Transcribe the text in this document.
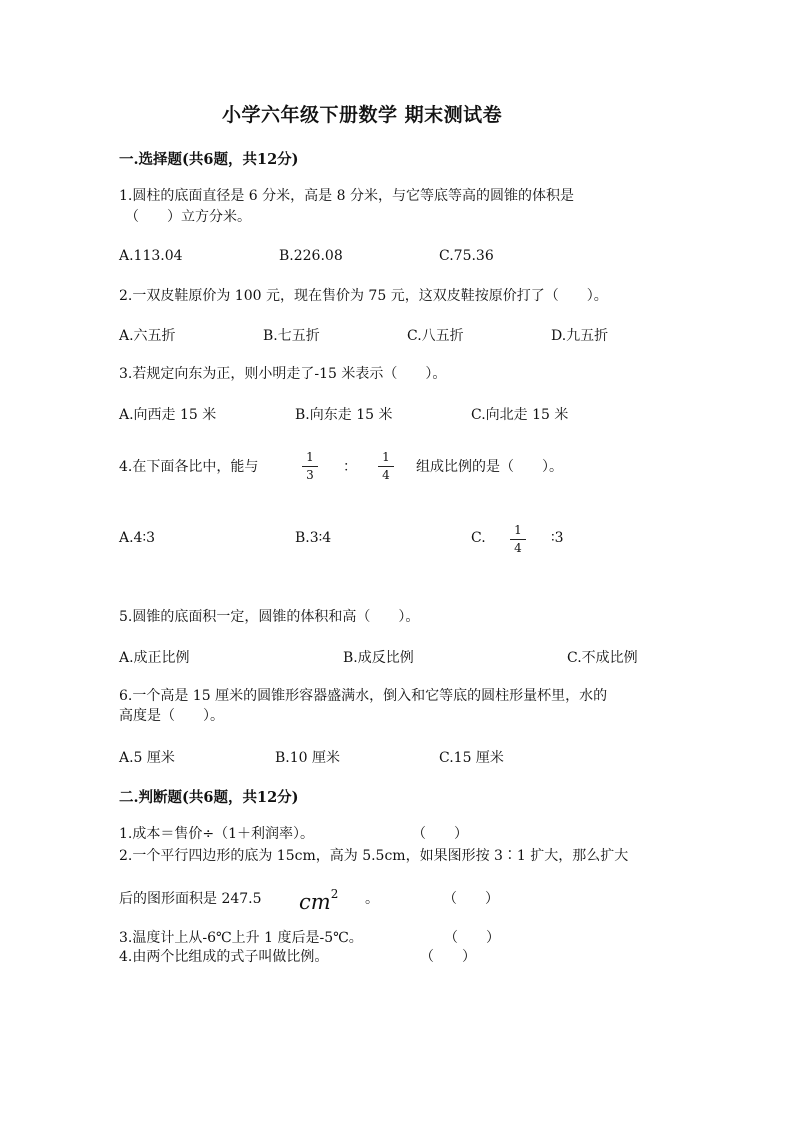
小学六年级下册数学 期末测试卷
一.选择题(共6题，共12分)
1.圆柱的底面直径是 6 分米，高是 8 分米，与它等底等高的圆锥的体积是
（　　）立方分米。
A.113.04	B.226.08	C.75.36
2.一双皮鞋原价为 100 元，现在售价为 75 元，这双皮鞋按原价打了（　　）。
A.六五折	B.七五折	C.八五折	D.九五折
3.若规定向东为正，则小明走了-15 米表示（　　）。
A.向西走 15 米	B.向东走 15 米	C.向北走 15 米
4.在下面各比中，能与
1
3 ：
1
4 组成比例的是（　　）。
A.4∶3	B.3∶4	C.	1
4
∶3
5.圆锥的底面积一定，圆锥的体积和高（　　）。
A.成正比例	B.成反比例	C.不成比例
6.一个高是 15 厘米的圆锥形容器盛满水，倒入和它等底的圆柱形量杯里，水的
高度是（　　）。
A.5 厘米	B.10 厘米	C.15 厘米
二.判断题(共6题，共12分)
1.成本＝售价÷（1＋利润率）。	（　　）
2.一个平行四边形的底为 15cm，高为 5.5cm，如果图形按 3∶1 扩大，那么扩大
后的图形面积是 247.5 $cm^2$ 。	（　　）
3.温度计上从-6℃上升 1 度后是-5℃。	（　　）
4.由两个比组成的式子叫做比例。	（　　）
